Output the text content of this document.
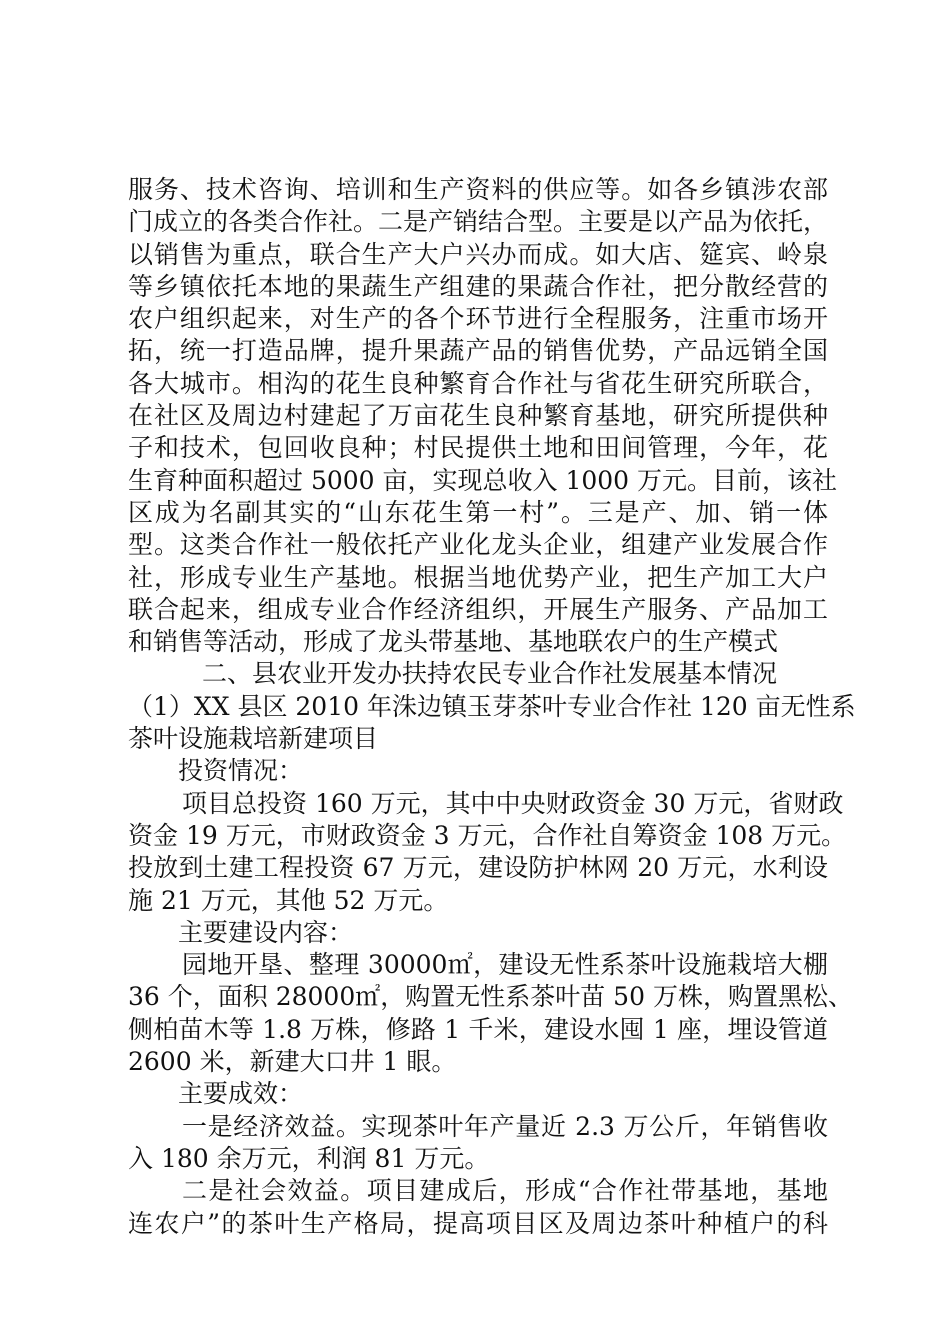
服务、技术咨询、培训和生产资料的供应等。如各乡镇涉农部
门成立的各类合作社。二是产销结合型。主要是以产品为依托，
以销售为重点，联合生产大户兴办而成。如大店、筵宾、岭泉
等乡镇依托本地的果蔬生产组建的果蔬合作社，把分散经营的
农户组织起来，对生产的各个环节进行全程服务，注重市场开
拓，统一打造品牌，提升果蔬产品的销售优势，产品远销全国
各大城市。相沟的花生良种繁育合作社与省花生研究所联合，
在社区及周边村建起了万亩花生良种繁育基地，研究所提供种
子和技术，包回收良种；村民提供土地和田间管理，今年，花
生育种面积超过 5000 亩，实现总收入 1000 万元。目前，该社
区成为名副其实的“山东花生第一村”。三是产、加、销一体
型。这类合作社一般依托产业化龙头企业，组建产业发展合作
社，形成专业生产基地。根据当地优势产业，把生产加工大户
联合起来，组成专业合作经济组织，开展生产服务、产品加工
和销售等活动，形成了龙头带基地、基地联农户的生产模式
二、县农业开发办扶持农民专业合作社发展基本情况
（1）XX 县区 2010 年洙边镇玉芽茶叶专业合作社 120 亩无性系
茶叶设施栽培新建项目
投资情况：
项目总投资 160 万元，其中中央财政资金 30 万元，省财政
资金 19 万元，市财政资金 3 万元，合作社自筹资金 108 万元。
投放到土建工程投资 67 万元，建设防护林网 20 万元，水利设
施 21 万元，其他 52 万元。
主要建设内容：
园地开垦、整理 30000㎡，建设无性系茶叶设施栽培大棚
36 个，面积 28000㎡，购置无性系茶叶苗 50 万株，购置黑松、
侧柏苗木等 1.8 万株，修路 1 千米，建设水囤 1 座，埋设管道
2600 米，新建大口井 1 眼。
主要成效：
一是经济效益。实现茶叶年产量近 2.3 万公斤，年销售收
入 180 余万元，利润 81 万元。
二是社会效益。项目建成后，形成“合作社带基地，基地
连农户”的茶叶生产格局，提高项目区及周边茶叶种植户的科
